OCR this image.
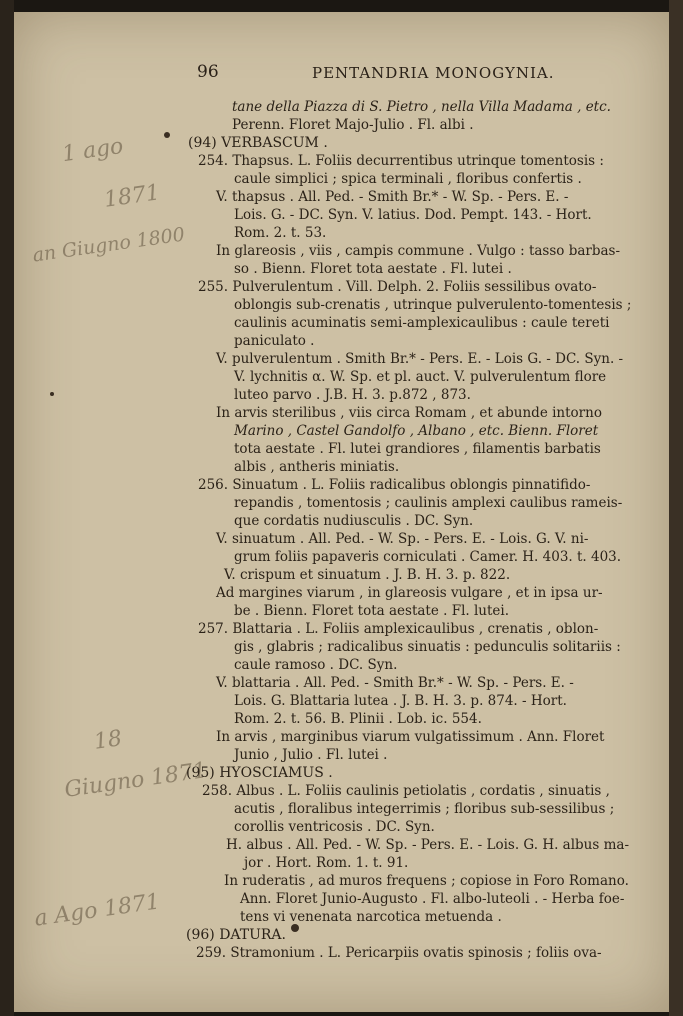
1 ago
1871
an Giugno 1800
18
Giugno 1871
a Ago 1871
96	PENTANDRIA MONOGYNIA.
tane della Piazza di S. Pietro , nella Villa Madama , etc.
Perenn. Floret Majo-Julio . Fl. albi .
(94) VERBASCUM .
254. Thapsus. L. Foliis decurrentibus utrinque tomentosis :
caule simplici ; spica terminali , floribus confertis .
V. thapsus . All. Ped. - Smith Br.* - W. Sp. - Pers. E. -
Lois. G. - DC. Syn. V. latius. Dod. Pempt. 143. - Hort.
Rom. 2. t. 53.
In glareosis , viis , campis commune . Vulgo : tasso barbas-
so . Bienn. Floret tota aestate . Fl. lutei .
255. Pulverulentum . Vill. Delph. 2. Foliis sessilibus ovato-
oblongis sub-crenatis , utrinque pulverulento-tomentesis ;
caulinis acuminatis semi-amplexicaulibus : caule tereti
paniculato .
V. pulverulentum . Smith Br.* - Pers. E. - Lois G. - DC. Syn. -
V. lychnitis α. W. Sp. et pl. auct. V. pulverulentum flore
luteo parvo . J.B. H. 3. p.872 , 873.
In arvis sterilibus , viis circa Romam , et abunde intorno
Marino , Castel Gandolfo , Albano , etc. Bienn. Floret
tota aestate . Fl. lutei grandiores , filamentis barbatis
albis , antheris miniatis.
256. Sinuatum . L. Foliis radicalibus oblongis pinnatifido-
repandis , tomentosis ; caulinis amplexi caulibus rameis-
que cordatis nudiusculis . DC. Syn.
V. sinuatum . All. Ped. - W. Sp. - Pers. E. - Lois. G. V. ni-
grum foliis papaveris corniculati . Camer. H. 403. t. 403.
V. crispum et sinuatum . J. B. H. 3. p. 822.
Ad margines viarum , in glareosis vulgare , et in ipsa ur-
be . Bienn. Floret tota aestate . Fl. lutei.
257. Blattaria . L. Foliis amplexicaulibus , crenatis , oblon-
gis , glabris ; radicalibus sinuatis : pedunculis solitariis :
caule ramoso . DC. Syn.
V. blattaria . All. Ped. - Smith Br.* - W. Sp. - Pers. E. -
Lois. G. Blattaria lutea . J. B. H. 3. p. 874. - Hort.
Rom. 2. t. 56. B. Plinii . Lob. ic. 554.
In arvis , marginibus viarum vulgatissimum . Ann. Floret
Junio , Julio . Fl. lutei .
(95) HYOSCIAMUS .
258. Albus . L. Foliis caulinis petiolatis , cordatis , sinuatis ,
acutis , floralibus integerrimis ; floribus sub-sessilibus ;
corollis ventricosis . DC. Syn.
H. albus . All. Ped. - W. Sp. - Pers. E. - Lois. G. H. albus ma-
jor . Hort. Rom. 1. t. 91.
In ruderatis , ad muros frequens ; copiose in Foro Romano.
Ann. Floret Junio-Augusto . Fl. albo-luteoli . - Herba foe-
tens vi venenata narcotica metuenda .
(96) DATURA.
259. Stramonium . L. Pericarpiis ovatis spinosis ; foliis ova-
